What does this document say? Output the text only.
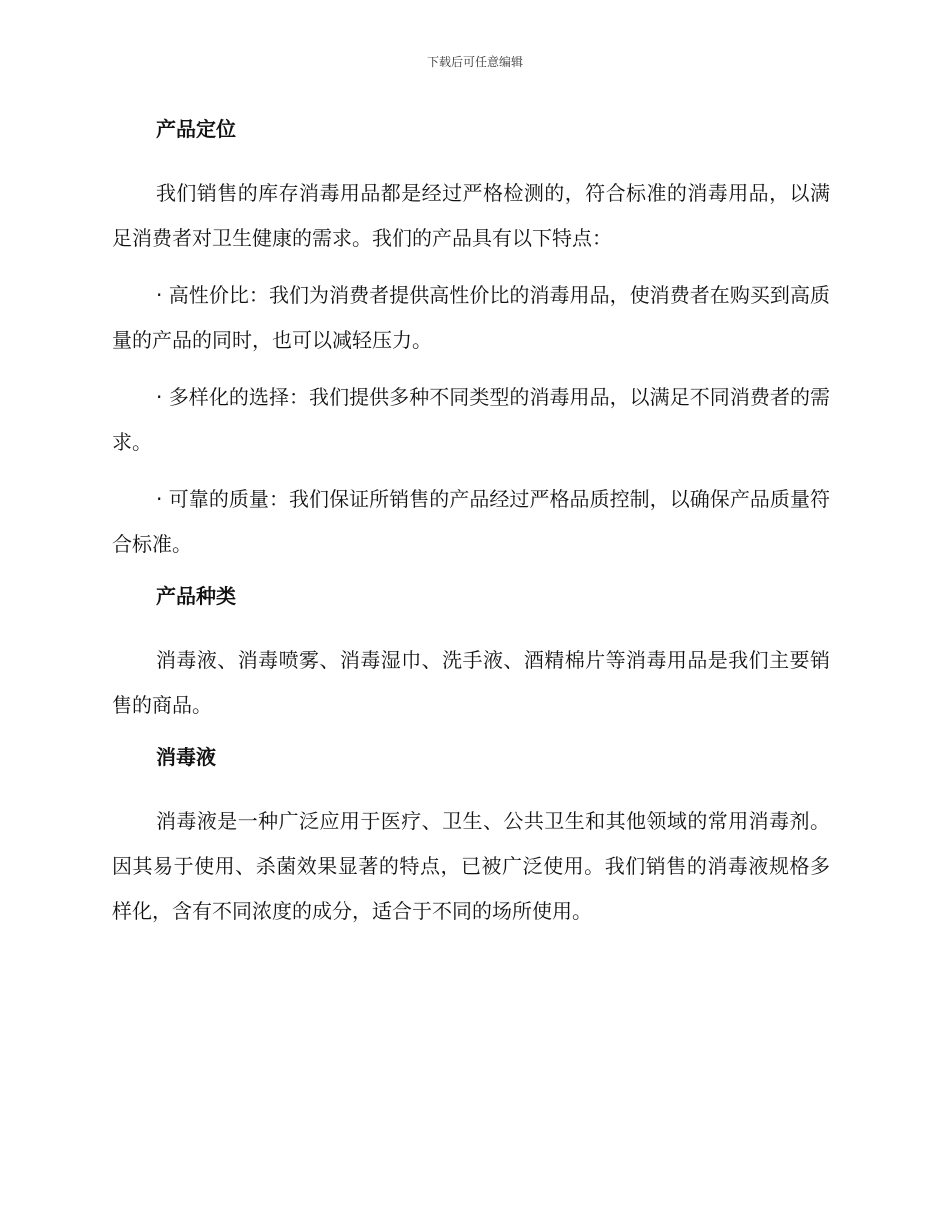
下载后可任意编辑
产品定位

我们销售的库存消毒用品都是经过严格检测的，符合标准的消毒用品，以满足消费者对卫生健康的需求。我们的产品具有以下特点：

· 高性价比：我们为消费者提供高性价比的消毒用品，使消费者在购买到高质量的产品的同时，也可以减轻压力。

· 多样化的选择：我们提供多种不同类型的消毒用品，以满足不同消费者的需求。

· 可靠的质量：我们保证所销售的产品经过严格品质控制，以确保产品质量符合标准。

产品种类

消毒液、消毒喷雾、消毒湿巾、洗手液、酒精棉片等消毒用品是我们主要销售的商品。

消毒液

消毒液是一种广泛应用于医疗、卫生、公共卫生和其他领域的常用消毒剂。因其易于使用、杀菌效果显著的特点，已被广泛使用。我们销售的消毒液规格多样化，含有不同浓度的成分，适合于不同的场所使用。
